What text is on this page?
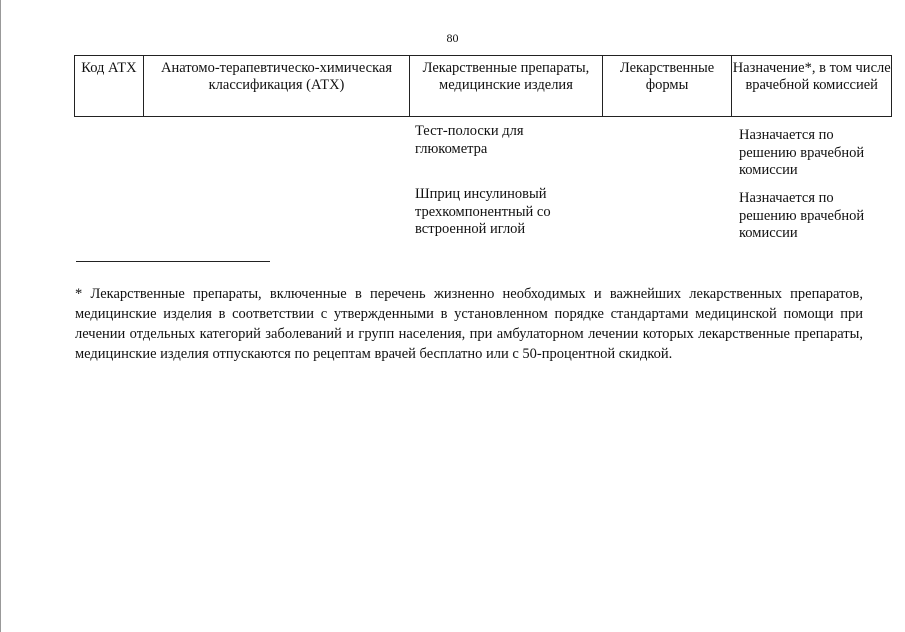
80
Код АТХ	Анатомо-терапевтическо-химическая классификация (АТХ)
Лекарственные препараты, медицинские изделия
Лекарственные формы
Назначение*, в том числе врачебной комиссией
Тест-полоски для глюкометра
Назначается по решению врачебной комиссии
Шприц инсулиновый трехкомпонентный со встроенной иглой
Назначается по решению врачебной комиссии
* Лекарственные препараты, включенные в перечень жизненно необходимых и важнейших лекарственных препаратов, медицинские изделия в соответствии с утвержденными в установленном порядке стандартами медицинской помощи при лечении отдельных категорий заболеваний и групп населения, при амбулаторном лечении которых лекарственные препараты, медицинские изделия отпускаются по рецептам врачей бесплатно или с 50-процентной скидкой.
